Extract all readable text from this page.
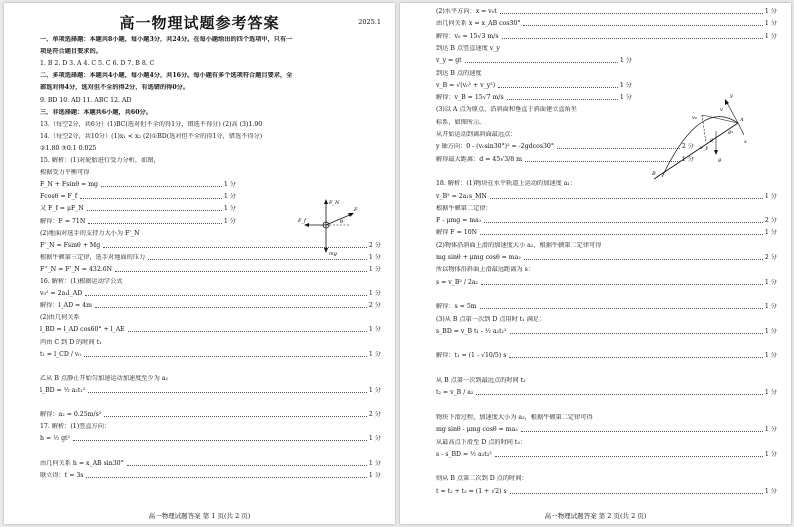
高一物理试题参考答案	2025.1
一、单项选择题：本题共8小题，每小题3分，共24分。在每小题给出的四个选项中，只有一
项是符合题目要求的。
1. B 2. D 3. A 4. C 5. C 6. D 7. B 8. C
二、多项选择题：本题共4小题，每小题4分，共16分。每小题有多个选项符合题目要求，全
部选对得4分，选对但不全的得2分，有选错的得0分。
9. BD 10. AD 11. ABC 12. AD
三、非选择题：本题共6小题，共60分。
13.（每空2分，共6分）(1)BC(选对但不全的得1分，错选不得分) (2)高 (3)1.90
14.（每空2分，共10分）(1)x₁ < x₂ (2)①BD(选对但不全的得1分，错选不得分)
②1.80 ③0.1 0.025
15. 解析：(1)对轮胎进行受力分析，如图，
根据受力平衡可得
F_N + Fsinθ = mg	1 分
Fcosθ = F_f	1 分
又 F_f = μF_N	1 分
解得：F = 71N	1 分
(2)地面对选手的支持力大小为 F'_N
F'_N = Fsinθ + Mg	2 分
根据牛顿第三定律，选手对地面的压力	1 分
F''_N = F'_N = 432.6N	1 分
16. 解析：(1)根据运动学公式
v₀² = 2a₁l_AD	1 分
解得：l_AD = 4m	2 分
(2)由几何关系
l_BD = l_AD cos60° + l_AE	1 分
丙由 C 到 D 的时间 t₁
t₁ = l_CD / v₀	1 分
乙从 B 点静止开始匀加速运动加速度至少为 a₂
l_BD = ½ a₂t₁²	1 分
解得：a₂ = 0.25m/s²	2 分
17. 解析：(1)竖直方向：
h = ½ gt²	1 分
由几何关系 h = x_AB sin30°	1 分
联立得：t = 3s	1 分
F_N
F
F_f
mg
θ
高一物理试题答案 第 1 页(共 2 页)
(2)水平方向：x = v₀t	1 分
由几何关系 x = x_AB cos30°	1 分
解得：v₀ = 15√3 m/s	1 分
到达 B 点竖直速度 v_y
v_y = gt	1 分
到达 B 点的速度
v_B = √(v₀² + v_y²)	1 分
解得：v_B = 15√7 m/s	1 分
(3)以 A 点为原点，沿斜面和垂直于斜面建立直角坐
标系，如图所示。
从开始运动到离斜面最远点：
y 轴方向：0 - (v₀sin30°)² = -2gdcos30°	2 分
解得最大距离：d = 45√3/8 m	1 分
18. 解析：(1)物块在水平轨道上运动的加速度 a₁：
v_B² = 2a₁s_MN	1 分
根据牛顿第二定律：
F - μmg = ma₁	2 分
解得 F = 10N	1 分
(2)物体沿斜面上滑的加速度大小 a₂，根据牛顿第二定律可得
mg sinθ + μmg cosθ = ma₂	2 分
所以物体沿斜面上滑最远距离为 s：
s = v_B² / 2a₂	1 分
解得：s = 5m	1 分
(3)从 B 点第一次到 D 点用时 t₁ 满足：
s_BD = v_B t₁ - ½ a₂t₁²	1 分
解得：t₁ = (1 - √10/5) s	1 分
从 B 点第一次到最远点的时间 t₂
t₂ = v_B / a₂	1 分
物块下滑过程，加速度大小为 a₃，根据牛顿第二定律可得
mg sinθ - μmg cosθ = ma₃	1 分
从最高点下滑至 D 点的时间 t₃：
s - s_BD = ½ a₃t₃²	1 分
则从 B 点第二次到 D 点的时间：
t = t₂ + t₃ = (1 + √2) s	1 分
v₀
v
v_y
A
x
y
g
g
g₁
B
高一物理试题答案 第 2 页(共 2 页)
